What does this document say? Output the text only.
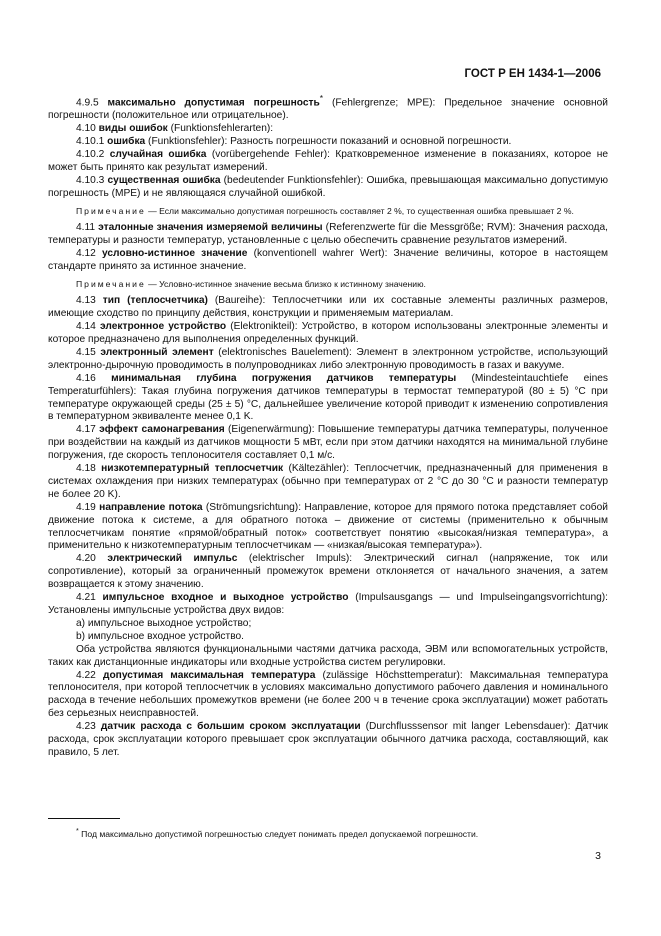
ГОСТ Р ЕН 1434-1—2006

4.9.5 максимально допустимая погрешность* (Fehlergrenze; MPE): Предельное значение основной погрешности (положительное или отрицательное).

4.10 виды ошибок (Funktionsfehlerarten):

4.10.1 ошибка (Funktionsfehler): Разность погрешности показаний и основной погрешности.

4.10.2 случайная ошибка (vorübergehende Fehler): Кратковременное изменение в показаниях, которое не может быть принято как результат измерений.

4.10.3 существенная ошибка (bedeutender Funktionsfehler): Ошибка, превышающая максимально допустимую погрешность (MPE) и не являющаяся случайной ошибкой.

Примечание — Если максимально допустимая погрешность составляет 2 %, то существенная ошибка превышает 2 %.

4.11 эталонные значения измеряемой величины (Referenzwerte für die Messgröße; RVM): Значения расхода, температуры и разности температур, установленные с целью обеспечить сравнение результатов измерений.

4.12 условно-истинное значение (konventionell wahrer Wert): Значение величины, которое в настоящем стандарте принято за истинное значение.

Примечание — Условно-истинное значение весьма близко к истинному значению.

4.13 тип (теплосчетчика) (Baureihe): Теплосчетчики или их составные элементы различных размеров, имеющие сходство по принципу действия, конструкции и применяемым материалам.

4.14 электронное устройство (Elektronikteil): Устройство, в котором использованы электронные элементы и которое предназначено для выполнения определенных функций.

4.15 электронный элемент (elektronisches Bauelement): Элемент в электронном устройстве, использующий электронно-дырочную проводимость в полупроводниках либо электронную проводимость в газах и вакууме.

4.16 минимальная глубина погружения датчиков температуры (Mindesteintauchtiefe eines Temperaturfühlers): Такая глубина погружения датчиков температуры в термостат температурой (80 ± 5) °C при температуре окружающей среды (25 ± 5) °C, дальнейшее увеличение которой приводит к изменению сопротивления в температурном эквиваленте менее 0,1 K.

4.17 эффект самонагревания (Eigenerwärmung): Повышение температуры датчика температуры, полученное при воздействии на каждый из датчиков мощности 5 мВт, если при этом датчики находятся на минимальной глубине погружения, где скорость теплоносителя составляет 0,1 м/с.

4.18 низкотемпературный теплосчетчик (Kältezähler): Теплосчетчик, предназначенный для применения в системах охлаждения при низких температурах (обычно при температурах от 2 °C до 30 °C и разности температур не более 20 K).

4.19 направление потока (Strömungsrichtung): Направление, которое для прямого потока представляет собой движение потока к системе, а для обратного потока – движение от системы (применительно к обычным теплосчетчикам понятие «прямой/обратный поток» соответствует понятию «высокая/низкая температура», а применительно к низкотемпературным теплосчетчикам — «низкая/высокая температура»).

4.20 электрический импульс (elektrischer Impuls): Электрический сигнал (напряжение, ток или сопротивление), который за ограниченный промежуток времени отклоняется от начального значения, а затем возвращается к этому значению.

4.21 импульсное входное и выходное устройство (Impulsausgangs — und Impulseingangsvorrichtung): Установлены импульсные устройства двух видов:

а) импульсное выходное устройство;

b) импульсное входное устройство.

Оба устройства являются функциональными частями датчика расхода, ЭВМ или вспомогательных устройств, таких как дистанционные индикаторы или входные устройства систем регулировки.

4.22 допустимая максимальная температура (zulässige Höchsttemperatur): Максимальная температура теплоносителя, при которой теплосчетчик в условиях максимально допустимого рабочего давления и номинального расхода в течение небольших промежутков времени (не более 200 ч в течение срока эксплуатации) может работать без серьезных неисправностей.

4.23 датчик расхода с большим сроком эксплуатации (Durchflusssensor mit langer Lebensdauer): Датчик расхода, срок эксплуатации которого превышает срок эксплуатации обычного датчика расхода, составляющий, как правило, 5 лет.

* Под максимально допустимой погрешностью следует понимать предел допускаемой погрешности.
3
